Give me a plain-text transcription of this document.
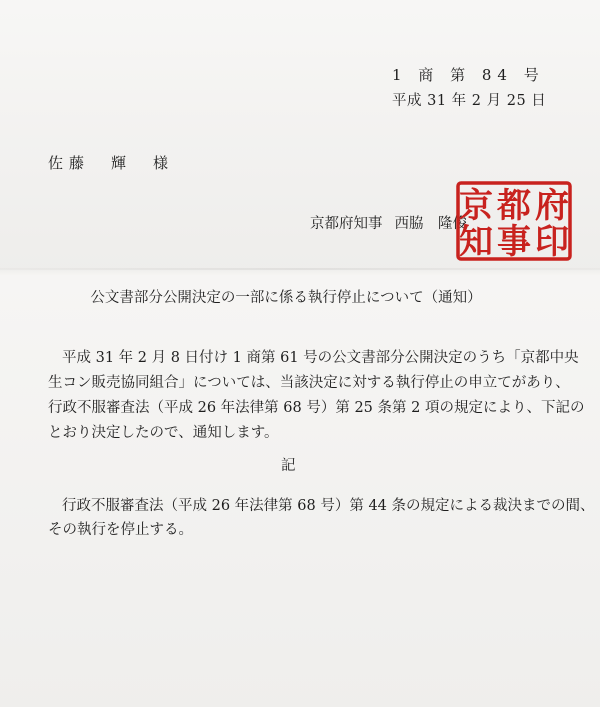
1 商 第 84 号
平成 31 年 2 月 25 日
佐藤　輝　様
京都府知事 西脇　隆俊
京 都 府
知 事 印
公文書部分公開決定の一部に係る執行停止について（通知）
平成 31 年 2 月 8 日付け 1 商第 61 号の公文書部分公開決定のうち「京都中央
生コン販売協同組合」については、当該決定に対する執行停止の申立てがあり、
行政不服審査法（平成 26 年法律第 68 号）第 25 条第 2 項の規定により、下記の
とおり決定したので、通知します。
記
行政不服審査法（平成 26 年法律第 68 号）第 44 条の規定による裁決までの間、
その執行を停止する。
